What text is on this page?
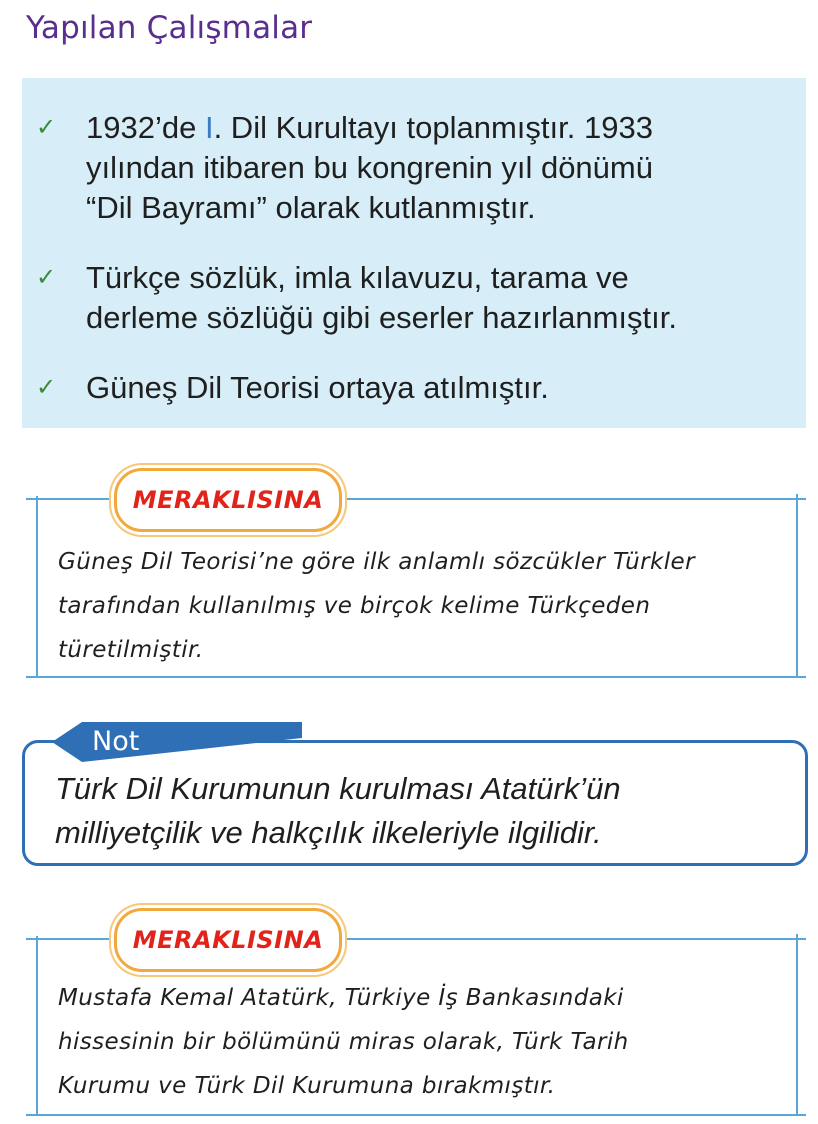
Yapılan Çalışmalar
✓ 1932’de I. Dil Kurultayı toplanmıştır. 1933
yılından itibaren bu kongrenin yıl dönümü
“Dil Bayramı” olarak kutlanmıştır.
✓ Türkçe sözlük, imla kılavuzu, tarama ve
derleme sözlüğü gibi eserler hazırlanmıştır.
✓ Güneş Dil Teorisi ortaya atılmıştır.
MERAKLISINA
Güneş Dil Teorisi’ne göre ilk anlamlı sözcükler Türkler
tarafından kullanılmış ve birçok kelime Türkçeden
türetilmiştir.
Türk Dil Kurumunun kurulması Atatürk’ün
milliyetçilik ve halkçılık ilkeleriyle ilgilidir.
Not
MERAKLISINA
Mustafa Kemal Atatürk, Türkiye İş Bankasındaki
hissesinin bir bölümünü miras olarak, Türk Tarih
Kurumu ve Türk Dil Kurumuna bırakmıştır.
